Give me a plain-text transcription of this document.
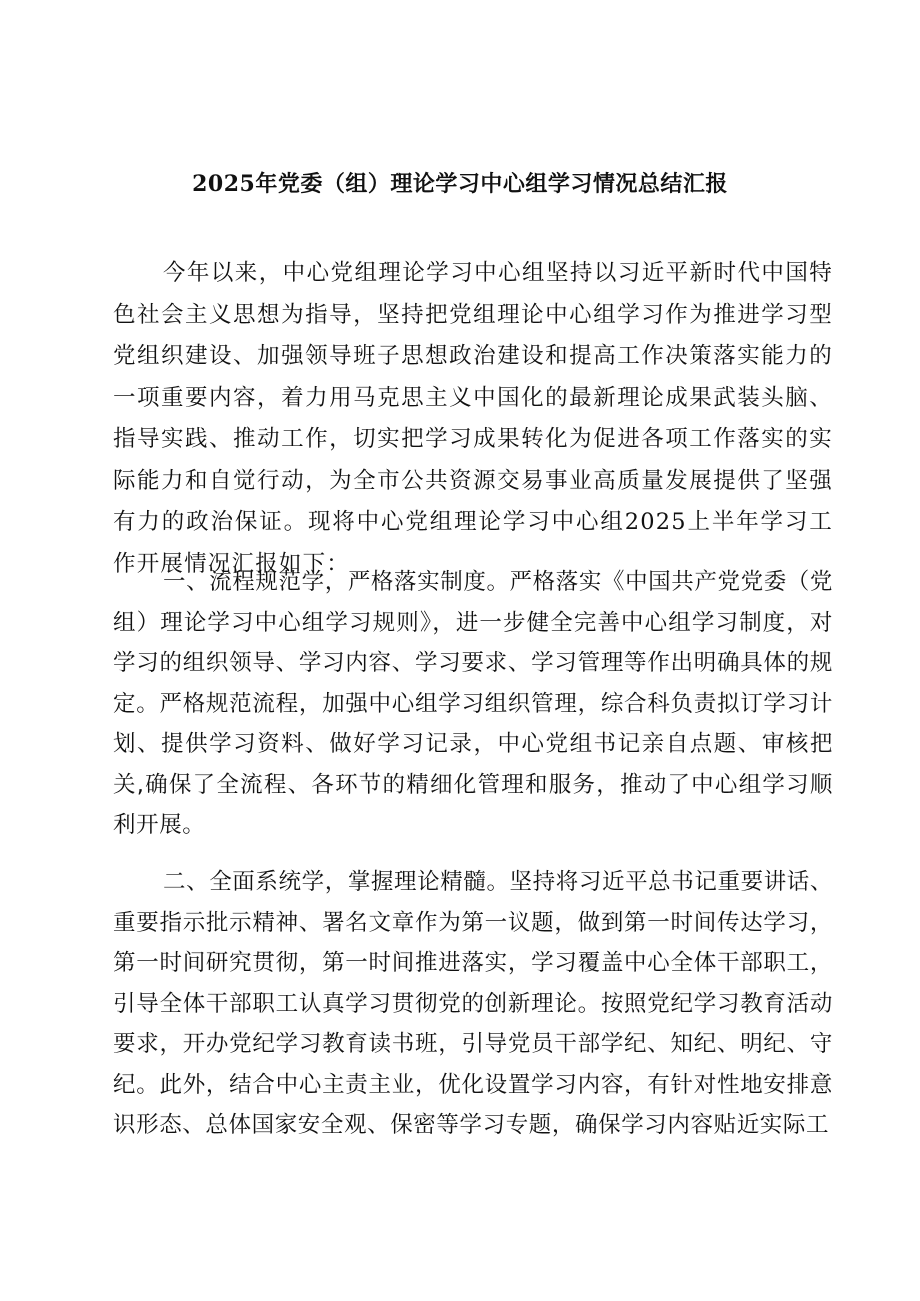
2025年党委（组）理论学习中心组学习情况总结汇报

今年以来，中心党组理论学习中心组坚持以习近平新时代中国特色社会主义思想为指导，坚持把党组理论中心组学习作为推进学习型党组织建设、加强领导班子思想政治建设和提高工作决策落实能力的一项重要内容，着力用马克思主义中国化的最新理论成果武装头脑、指导实践、推动工作，切实把学习成果转化为促进各项工作落实的实际能力和自觉行动，为全市公共资源交易事业高质量发展提供了坚强有力的政治保证。现将中心党组理论学习中心组2025上半年学习工作开展情况汇报如下：

一、流程规范学，严格落实制度。严格落实《中国共产党党委（党组）理论学习中心组学习规则》，进一步健全完善中心组学习制度，对学习的组织领导、学习内容、学习要求、学习管理等作出明确具体的规定。严格规范流程，加强中心组学习组织管理，综合科负责拟订学习计划、提供学习资料、做好学习记录，中心党组书记亲自点题、审核把关,确保了全流程、各环节的精细化管理和服务，推动了中心组学习顺利开展。

二、全面系统学，掌握理论精髓。坚持将习近平总书记重要讲话、重要指示批示精神、署名文章作为第一议题，做到第一时间传达学习，第一时间研究贯彻，第一时间推进落实，学习覆盖中心全体干部职工，引导全体干部职工认真学习贯彻党的创新理论。按照党纪学习教育活动要求，开办党纪学习教育读书班，引导党员干部学纪、知纪、明纪、守纪。此外，结合中心主责主业，优化设置学习内容，有针对性地安排意识形态、总体国家安全观、保密等学习专题，确保学习内容贴近实际工
